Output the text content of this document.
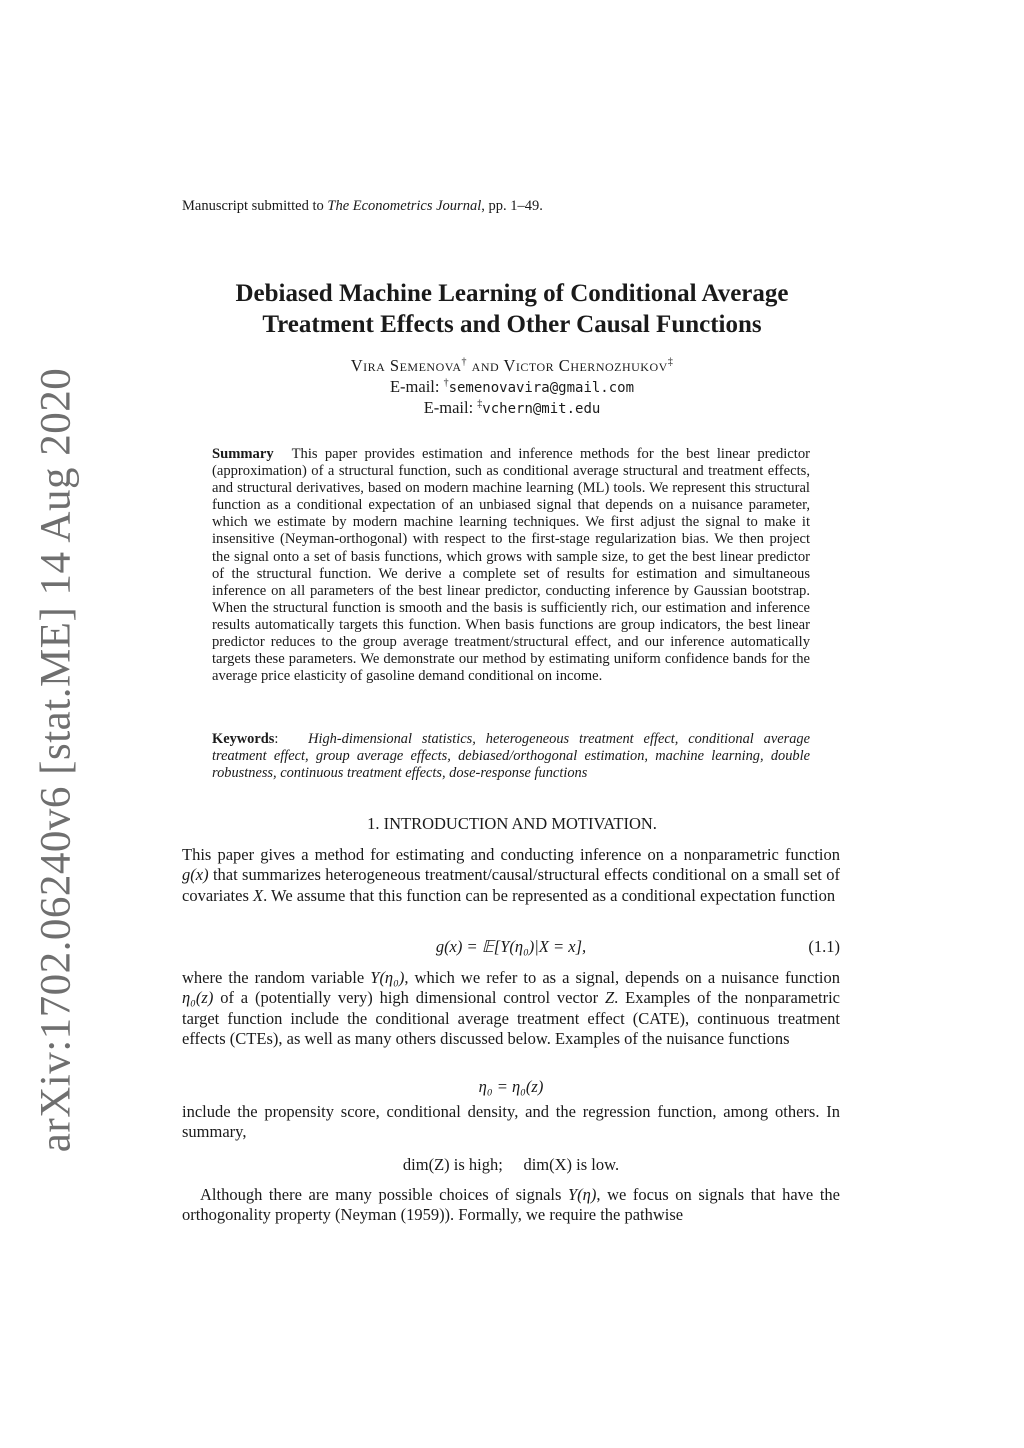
arXiv:1702.06240v6 [stat.ME] 14 Aug 2020
Manuscript submitted to The Econometrics Journal, pp. 1–49.
Debiased Machine Learning of Conditional Average
Treatment Effects and Other Causal Functions
Vira Semenova† and Victor Chernozhukov‡
E-mail: †semenovavira@gmail.com
E-mail: ‡vchern@mit.edu

Summary This paper provides estimation and inference methods for the best linear predictor (approximation) of a structural function, such as conditional average structural and treatment effects, and structural derivatives, based on modern machine learning (ML) tools. We represent this structural function as a conditional expectation of an unbiased signal that depends on a nuisance parameter, which we estimate by modern machine learning techniques. We first adjust the signal to make it insensitive (Neyman-orthogonal) with respect to the first-stage regularization bias. We then project the signal onto a set of basis functions, which grows with sample size, to get the best linear predictor of the structural function. We derive a complete set of results for estimation and simultaneous inference on all parameters of the best linear predictor, conducting inference by Gaussian bootstrap. When the structural function is smooth and the basis is sufficiently rich, our estimation and inference results automatically targets this function. When basis functions are group indicators, the best linear predictor reduces to the group average treatment/structural effect, and our inference automatically targets these parameters. We demonstrate our method by estimating uniform confidence bands for the average price elasticity of gasoline demand conditional on income.

Keywords: High-dimensional statistics, heterogeneous treatment effect, conditional average treatment effect, group average effects, debiased/orthogonal estimation, machine learning, double robustness, continuous treatment effects, dose-response functions

1. INTRODUCTION AND MOTIVATION.

This paper gives a method for estimating and conducting inference on a nonparametric function g(x) that summarizes heterogeneous treatment/causal/structural effects conditional on a small set of covariates X. We assume that this function can be represented as a conditional expectation function

g(x) = 𝔼[Y(η₀)|X = x],	(1.1)

where the random variable Y(η₀), which we refer to as a signal, depends on a nuisance function η₀(z) of a (potentially very) high dimensional control vector Z. Examples of the nonparametric target function include the conditional average treatment effect (CATE), continuous treatment effects (CTEs), as well as many others discussed below. Examples of the nuisance functions

η₀ = η₀(z)

include the propensity score, conditional density, and the regression function, among others. In summary,

dim(Z) is high;     dim(X) is low.

Although there are many possible choices of signals Y(η), we focus on signals that have the orthogonality property (Neyman (1959)). Formally, we require the pathwise
